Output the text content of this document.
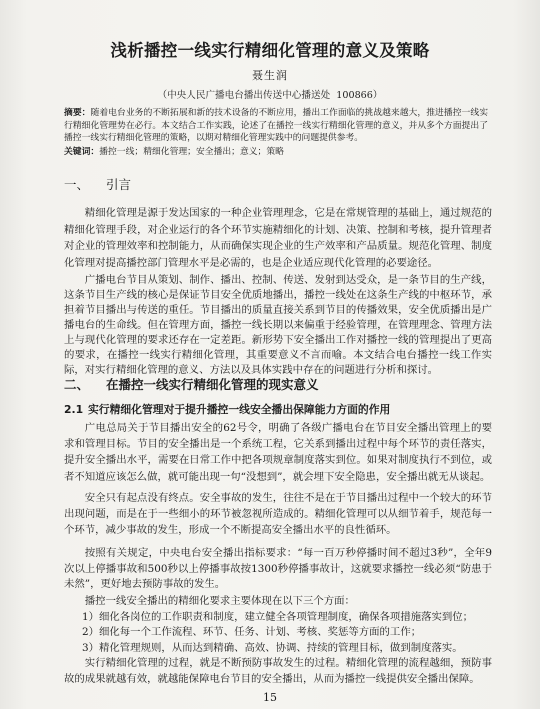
浅析播控一线实行精细化管理的意义及策略
聂生润
（中央人民广播电台播出传送中心播送处  100866）
摘要：随着电台业务的不断拓展和新的技术设备的不断应用，播出工作面临的挑战越来越大，推进播控一线实行精细化管理势在必行。本文结合工作实践，论述了在播控一线实行精细化管理的意义，并从多个方面提出了播控一线实行精细化管理的策略，以期对精细化管理实践中的问题提供参考。
关键词：播控一线；精细化管理；安全播出；意义；策略
一、 引言

精细化管理是源于发达国家的一种企业管理理念，它是在常规管理的基础上，通过规范的精细化管理手段，对企业运行的各个环节实施精细化的计划、决策、控制和考核，提升管理者对企业的管理效率和控制能力，从而确保实现企业的生产效率和产品质量。规范化管理、制度化管理对提高播控部门管理水平是必需的，也是企业适应现代化管理的必要途径。

广播电台节目从策划、制作、播出、控制、传送、发射到达受众，是一条节目的生产线，这条节目生产线的核心是保证节目安全优质地播出，播控一线处在这条生产线的中枢环节，承担着节目播出与传送的重任。节目播出的质量直接关系到节目的传播效果，安全优质播出是广播电台的生命线。但在管理方面，播控一线长期以来偏重于经验管理，在管理理念、管理方法上与现代化管理的要求还存在一定差距。新形势下安全播出工作对播控一线的管理提出了更高的要求，在播控一线实行精细化管理，其重要意义不言而喻。本文结合电台播控一线工作实际，对实行精细化管理的意义、方法以及具体实践中存在的问题进行分析和探讨。

二、 在播控一线实行精细化管理的现实意义
2.1 实行精细化管理对于提升播控一线安全播出保障能力方面的作用

广电总局关于节目播出安全的62号令，明确了各级广播电台在节目安全播出管理上的要求和管理目标。节目的安全播出是一个系统工程，它关系到播出过程中每个环节的责任落实，提升安全播出水平，需要在日常工作中把各项规章制度落实到位。如果对制度执行不到位，或者不知道应该怎么做，就可能出现一句“没想到”，就会埋下安全隐患，安全播出就无从谈起。

安全只有起点没有终点。安全事故的发生，往往不是在于节目播出过程中一个较大的环节出现问题，而是在于一些细小的环节被忽视所造成的。精细化管理可以从细节着手，规范每一个环节，减少事故的发生，形成一个不断提高安全播出水平的良性循环。

按照有关规定，中央电台安全播出指标要求：“每一百万秒停播时间不超过3秒”，全年9次以上停播事故和500秒以上停播事故按1300秒停播事故计，这就要求播控一线必须“防患于未然”，更好地去预防事故的发生。

播控一线安全播出的精细化要求主要体现在以下三个方面：

1）细化各岗位的工作职责和制度，建立健全各项管理制度，确保各项措施落实到位；
2）细化每一个工作流程、环节、任务、计划、考核、奖惩等方面的工作；
3）精化管理规则，从而达到精确、高效、协调、持续的管理目标，做到制度落实。

实行精细化管理的过程，就是不断预防事故发生的过程。精细化管理的流程越细，预防事故的成果就越有效，就越能保障电台节目的安全播出，从而为播控一线提供安全播出保障。

15
